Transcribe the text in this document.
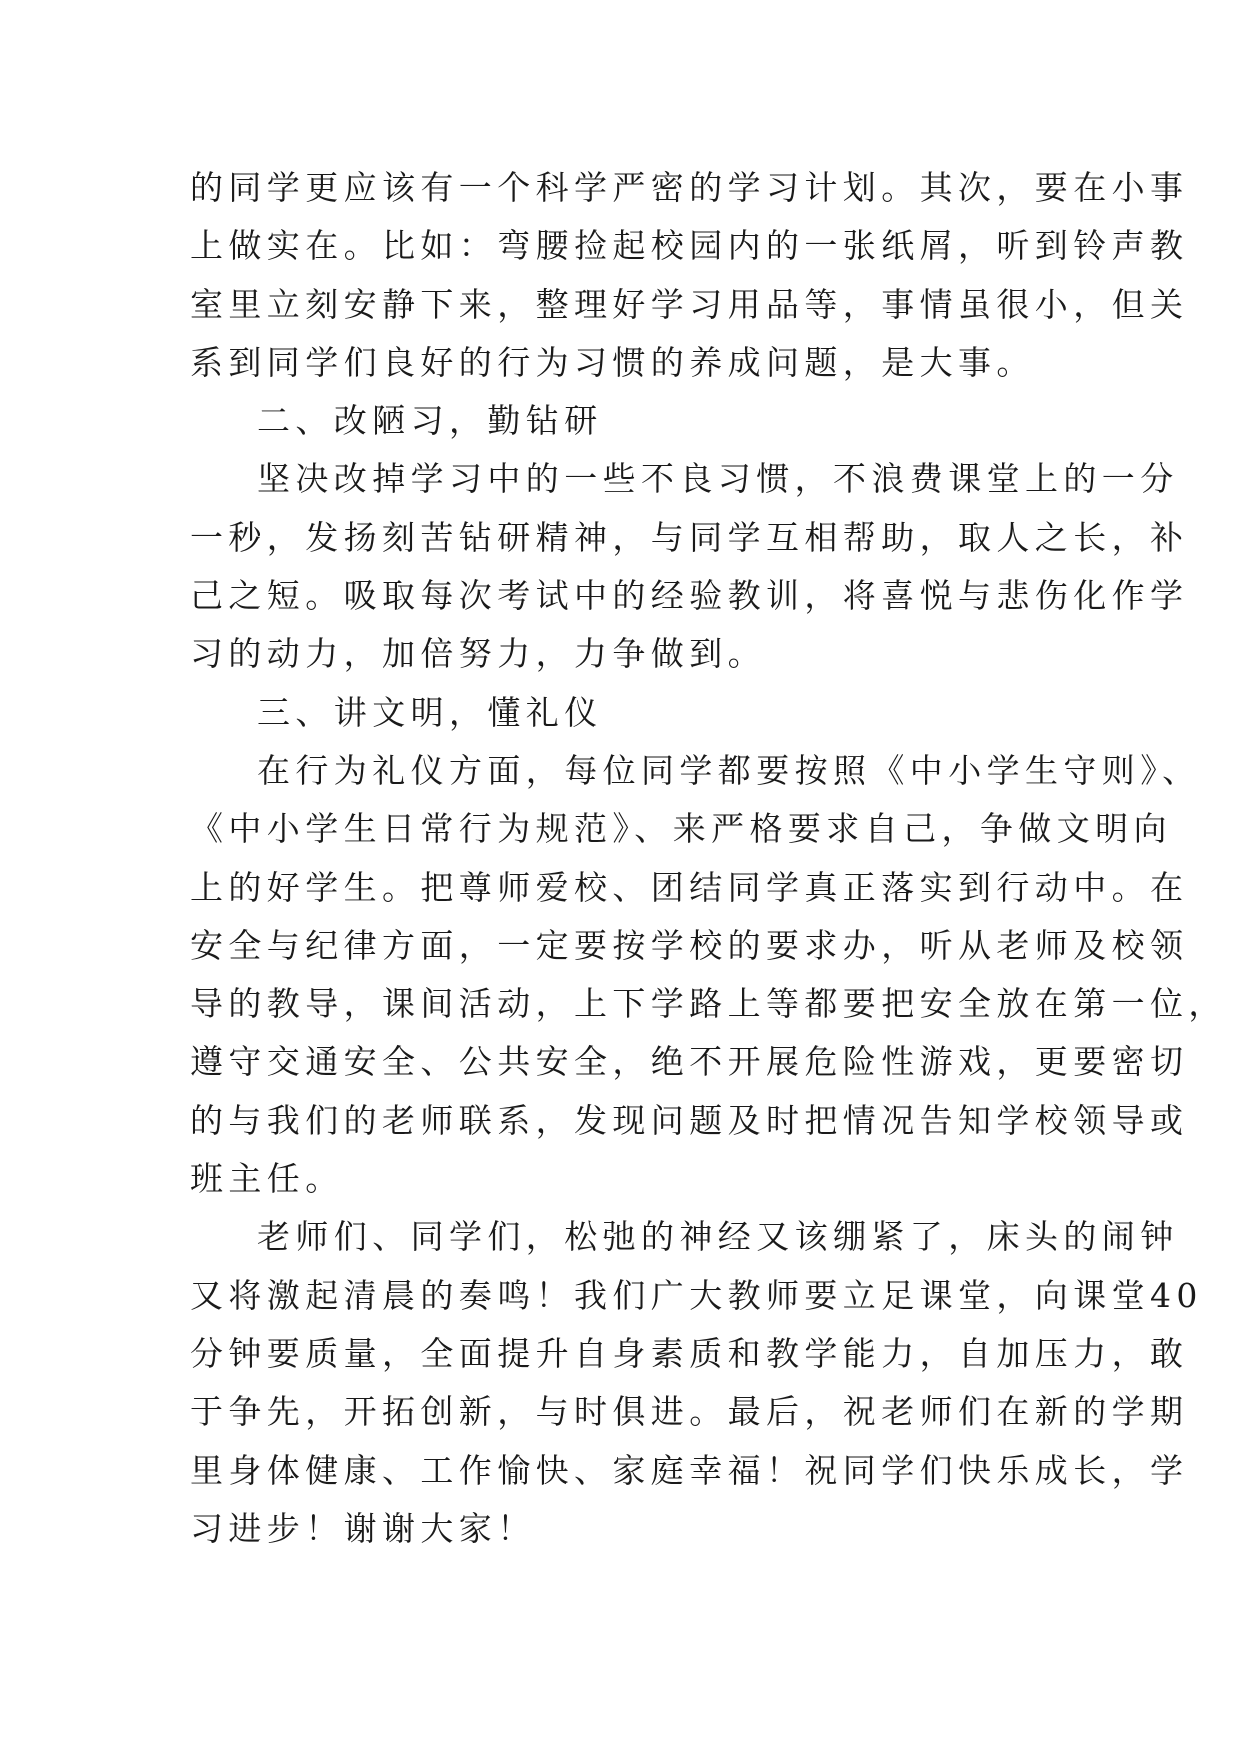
的同学更应该有一个科学严密的学习计划。其次，要在小事
上做实在。比如：弯腰捡起校园内的一张纸屑，听到铃声教
室里立刻安静下来，整理好学习用品等，事情虽很小，但关
系到同学们良好的行为习惯的养成问题，是大事。
二、改陋习，勤钻研
坚决改掉学习中的一些不良习惯，不浪费课堂上的一分
一秒，发扬刻苦钻研精神，与同学互相帮助，取人之长，补
己之短。吸取每次考试中的经验教训，将喜悦与悲伤化作学
习的动力，加倍努力，力争做到。
三、讲文明，懂礼仪
在行为礼仪方面，每位同学都要按照《中小学生守则》、
《中小学生日常行为规范》、来严格要求自己，争做文明向
上的好学生。把尊师爱校、团结同学真正落实到行动中。在
安全与纪律方面，一定要按学校的要求办，听从老师及校领
导的教导，课间活动，上下学路上等都要把安全放在第一位，
遵守交通安全、公共安全，绝不开展危险性游戏，更要密切
的与我们的老师联系，发现问题及时把情况告知学校领导或
班主任。
老师们、同学们，松弛的神经又该绷紧了，床头的闹钟
又将激起清晨的奏鸣！我们广大教师要立足课堂，向课堂40
分钟要质量，全面提升自身素质和教学能力，自加压力，敢
于争先，开拓创新，与时俱进。最后，祝老师们在新的学期
里身体健康、工作愉快、家庭幸福！祝同学们快乐成长，学
习进步！谢谢大家！
